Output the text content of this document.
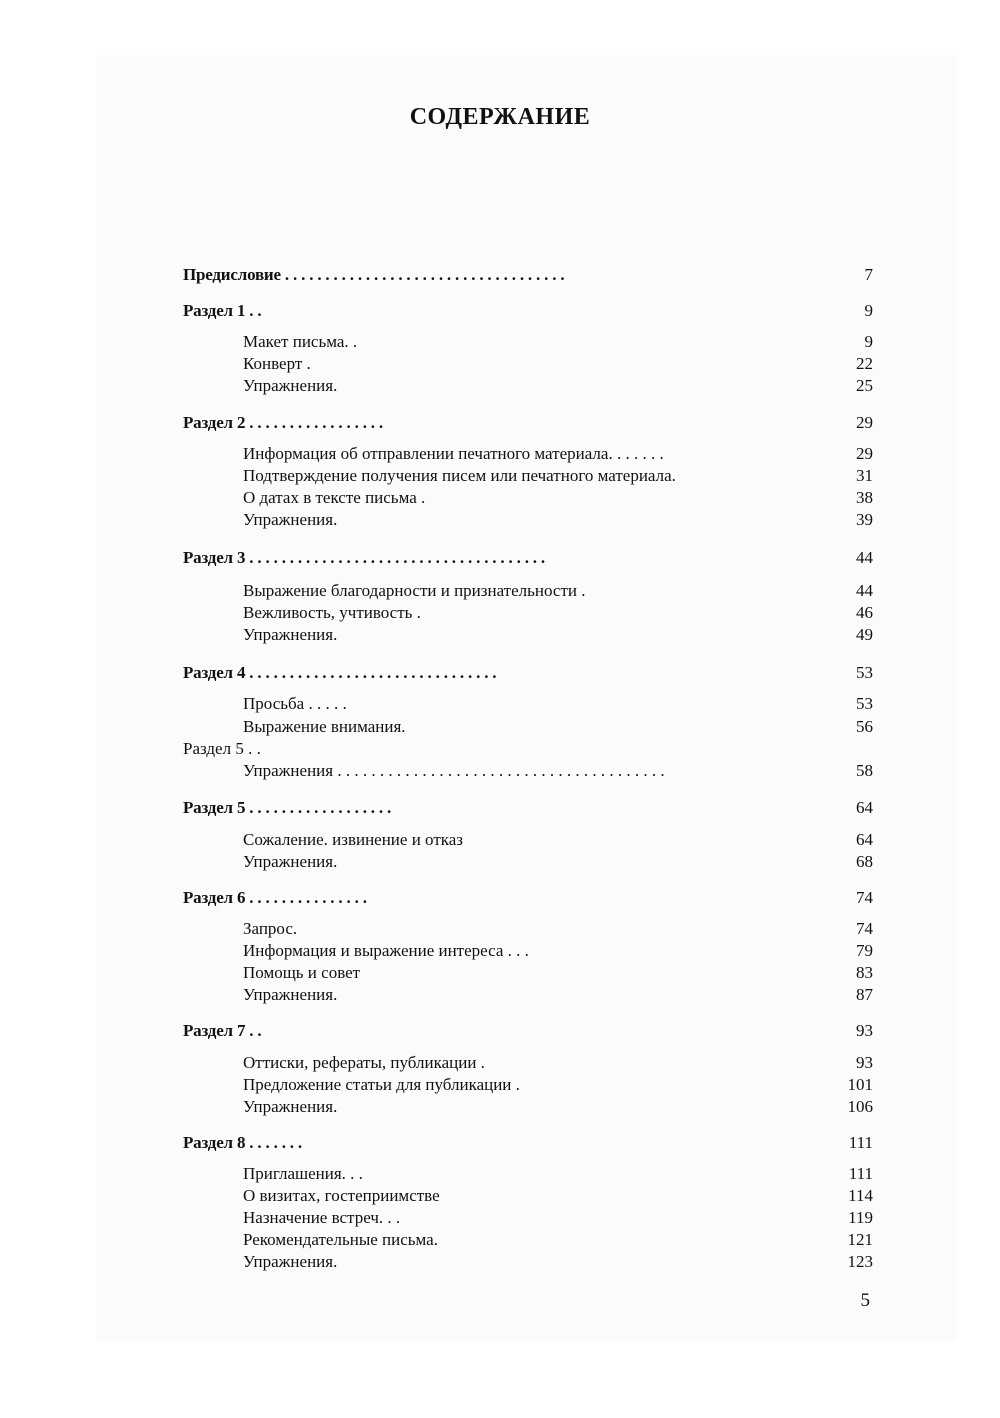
СОДЕРЖАНИЕ
Предисловие . . . . . . . . . . . . . . . . . . . . . . . . . . . . . . . . . . .	7
Раздел 1 . .	9
Макет письма. .	9
Конверт .	22
Упражнения.	25
Раздел 2 . . . . . . . . . . . . . . . . .	29
Информация об отправлении печатного материала. . . . . . .	29
Подтверждение получения писем или печатного материала.	31
О датах в тексте письма .	38
Упражнения.	39
Раздел 3 . . . . . . . . . . . . . . . . . . . . . . . . . . . . . . . . . . . . .	44
Выражение благодарности и признательности .	44
Вежливость, учтивость .	46
Упражнения.	49
Раздел 4 . . . . . . . . . . . . . . . . . . . . . . . . . . . . . . .	53
Просьба . . . . .	53
Выражение внимания.	56
Раздел 5 . .
Упражнения . . . . . . . . . . . . . . . . . . . . . . . . . . . . . . . . . . . . . . .	58
Раздел 5 . . . . . . . . . . . . . . . . . .	64
Сожаление. извинение и отказ	64
Упражнения.	68
Раздел 6 . . . . . . . . . . . . . . .	74
Запрос.	74
Информация и выражение интереса . . .	79
Помощь и совет	83
Упражнения.	87
Раздел 7 . .	93
Оттиски, рефераты, публикации .	93
Предложение статьи для публикации .	101
Упражнения.	106
Раздел 8 . . . . . . .	111
Приглашения. . .	111
О визитах, гостеприимстве	114
Назначение встреч. . .	119
Рекомендательные письма.	121
Упражнения.	123

5
